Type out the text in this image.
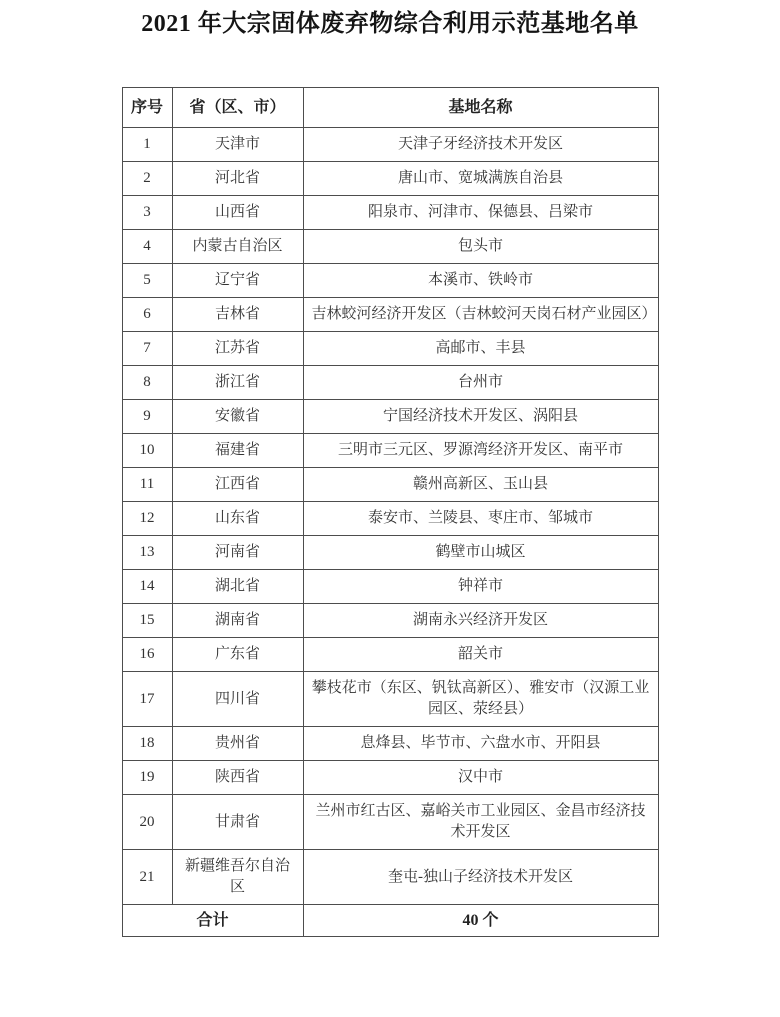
2021 年大宗固体废弃物综合利用示范基地名单
序号	省（区、市）	基地名称
1	天津市	天津子牙经济技术开发区
2	河北省	唐山市、宽城满族自治县
3	山西省	阳泉市、河津市、保德县、吕梁市
4	内蒙古自治区	包头市
5	辽宁省	本溪市、铁岭市
6	吉林省	吉林蛟河经济开发区（吉林蛟河天岗石材产业园区）
7	江苏省	高邮市、丰县
8	浙江省	台州市
9	安徽省	宁国经济技术开发区、涡阳县
10	福建省	三明市三元区、罗源湾经济开发区、南平市
11	江西省	赣州高新区、玉山县
12	山东省	泰安市、兰陵县、枣庄市、邹城市
13	河南省	鹤壁市山城区
14	湖北省	钟祥市
15	湖南省	湖南永兴经济开发区
16	广东省	韶关市
17	四川省	攀枝花市（东区、钒钛高新区）、雅安市（汉源工业园区、荥经县）
18	贵州省	息烽县、毕节市、六盘水市、开阳县
19	陕西省	汉中市
20	甘肃省	兰州市红古区、嘉峪关市工业园区、金昌市经济技术开发区
21	新疆维吾尔自治区	奎屯-独山子经济技术开发区
合计		40 个
